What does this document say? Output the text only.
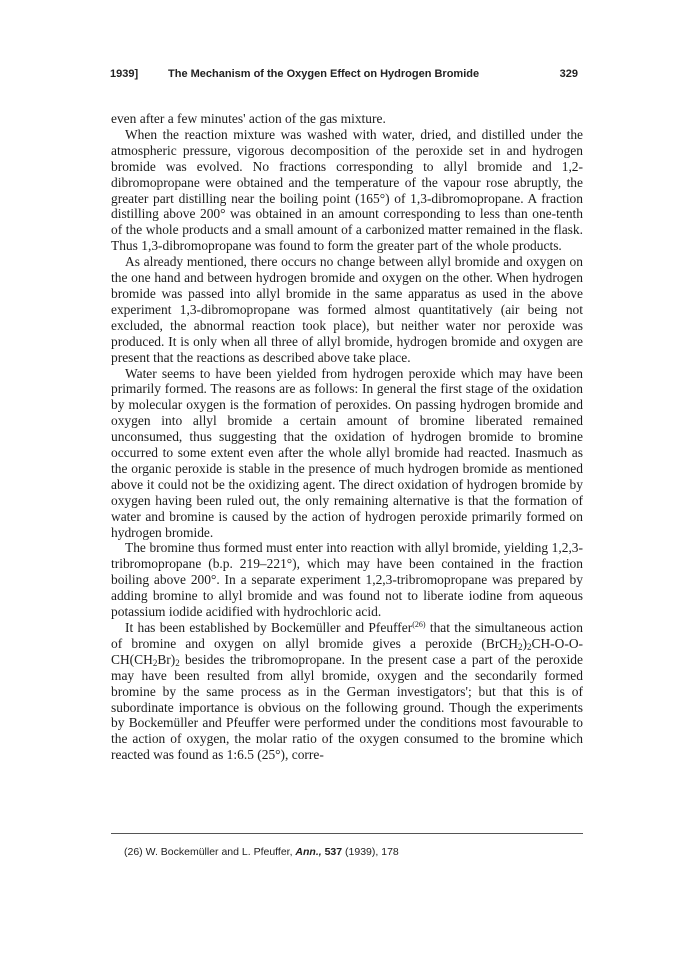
1939]	The Mechanism of the Oxygen Effect on Hydrogen Bromide	329

even after a few minutes' action of the gas mixture.

When the reaction mixture was washed with water, dried, and distilled under the atmospheric pressure, vigorous decomposition of the peroxide set in and hydrogen bromide was evolved. No fractions corresponding to allyl bromide and 1,2-dibromopropane were obtained and the temperature of the vapour rose abruptly, the greater part distilling near the boiling point (165°) of 1,3-dibromopropane. A fraction distilling above 200° was obtained in an amount corresponding to less than one-tenth of the whole products and a small amount of a carbonized matter remained in the flask. Thus 1,3-dibromopropane was found to form the greater part of the whole products.

As already mentioned, there occurs no change between allyl bromide and oxygen on the one hand and between hydrogen bromide and oxygen on the other. When hydrogen bromide was passed into allyl bromide in the same apparatus as used in the above experiment 1,3-dibromopropane was formed almost quantitatively (air being not excluded, the abnormal reaction took place), but neither water nor peroxide was produced. It is only when all three of allyl bromide, hydrogen bromide and oxygen are present that the reactions as described above take place.

Water seems to have been yielded from hydrogen peroxide which may have been primarily formed. The reasons are as follows: In general the first stage of the oxidation by molecular oxygen is the formation of peroxides. On passing hydrogen bromide and oxygen into allyl bromide a certain amount of bromine liberated remained unconsumed, thus suggesting that the oxidation of hydrogen bromide to bromine occurred to some extent even after the whole allyl bromide had reacted. Inasmuch as the organic peroxide is stable in the presence of much hydrogen bromide as mentioned above it could not be the oxidizing agent. The direct oxidation of hydrogen bromide by oxygen having been ruled out, the only remaining alternative is that the formation of water and bromine is caused by the action of hydrogen peroxide primarily formed on hydrogen bromide.

The bromine thus formed must enter into reaction with allyl bromide, yielding 1,2,3-tribromopropane (b.p. 219–221°), which may have been contained in the fraction boiling above 200°. In a separate experiment 1,2,3-tribromopropane was prepared by adding bromine to allyl bromide and was found not to liberate iodine from aqueous potassium iodide acidified with hydrochloric acid.

It has been established by Bockemüller and Pfeuffer$^{(26)}$ that the simultaneous action of bromine and oxygen on allyl bromide gives a peroxide $(BrCH_2)_2CH-O-O-CH(CH_2Br)_2$ besides the tribromopropane. In the present case a part of the peroxide may have been resulted from allyl bromide, oxygen and the secondarily formed bromine by the same process as in the German investigators'; but that this is of subordinate importance is obvious on the following ground. Though the experiments by Bockemüller and Pfeuffer were performed under the conditions most favourable to the action of oxygen, the molar ratio of the oxygen consumed to the bromine which reacted was found as 1:6.5 (25°), corre-

(26) W. Bockemüller and L. Pfeuffer, Ann., 537 (1939), 178
